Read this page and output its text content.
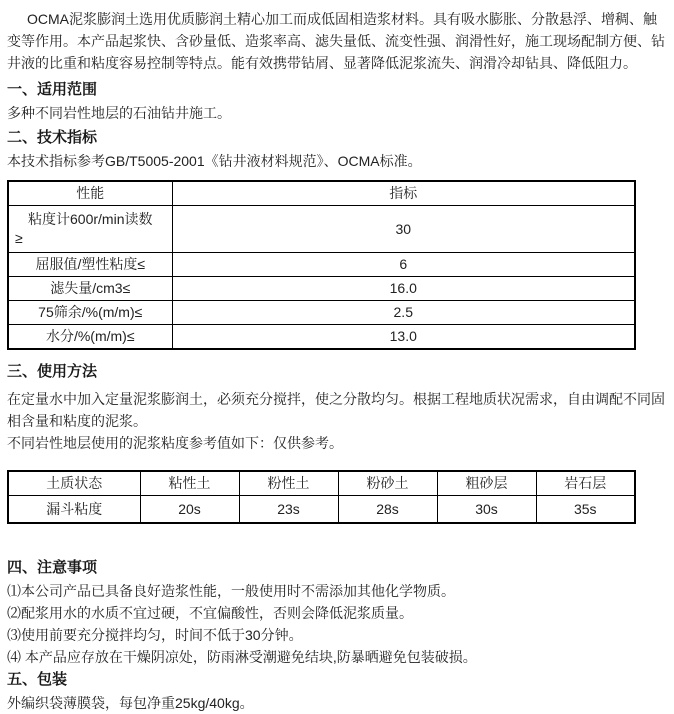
OCMA泥浆膨润土选用优质膨润土精心加工而成低固相造浆材料。具有吸水膨胀、分散悬浮、增稠、触变等作用。本产品起浆快、含砂量低、造浆率高、滤失量低、流变性强、润滑性好，施工现场配制方便、钻井液的比重和粘度容易控制等特点。能有效携带钻屑、显著降低泥浆流失、润滑冷却钻具、降低阻力。

一、适用范围

多种不同岩性地层的石油钻井施工。

二、技术指标

本技术指标参考GB/T5005-2001《钻井液材料规范》、OCMA标准。

性能	指标

粘度计600r/min读数
≥	30
屈服值/塑性粘度≤	6
滤失量/cm3≤	16.0
75筛余/%(m/m)≤	2.5
水分/%(m/m)≤	13.0
三、使用方法

在定量水中加入定量泥浆膨润土，必须充分搅拌，使之分散均匀。根据工程地质状况需求，自由调配不同固相含量和粘度的泥浆。

不同岩性地层使用的泥浆粘度参考值如下：仅供参考。

土质状态	粘性土	粉性土	粉砂土	粗砂层	岩石层
漏斗粘度	20s	23s	28s	30s	35s
四、注意事项

⑴本公司产品已具备良好造浆性能，一般使用时不需添加其他化学物质。

⑵配浆用水的水质不宜过硬，不宜偏酸性，否则会降低泥浆质量。

⑶使用前要充分搅拌均匀，时间不低于30分钟。

⑷ 本产品应存放在干燥阴凉处，防雨淋受潮避免结块,防暴晒避免包装破损。

五、包装

外编织袋薄膜袋，每包净重25kg/40kg。
